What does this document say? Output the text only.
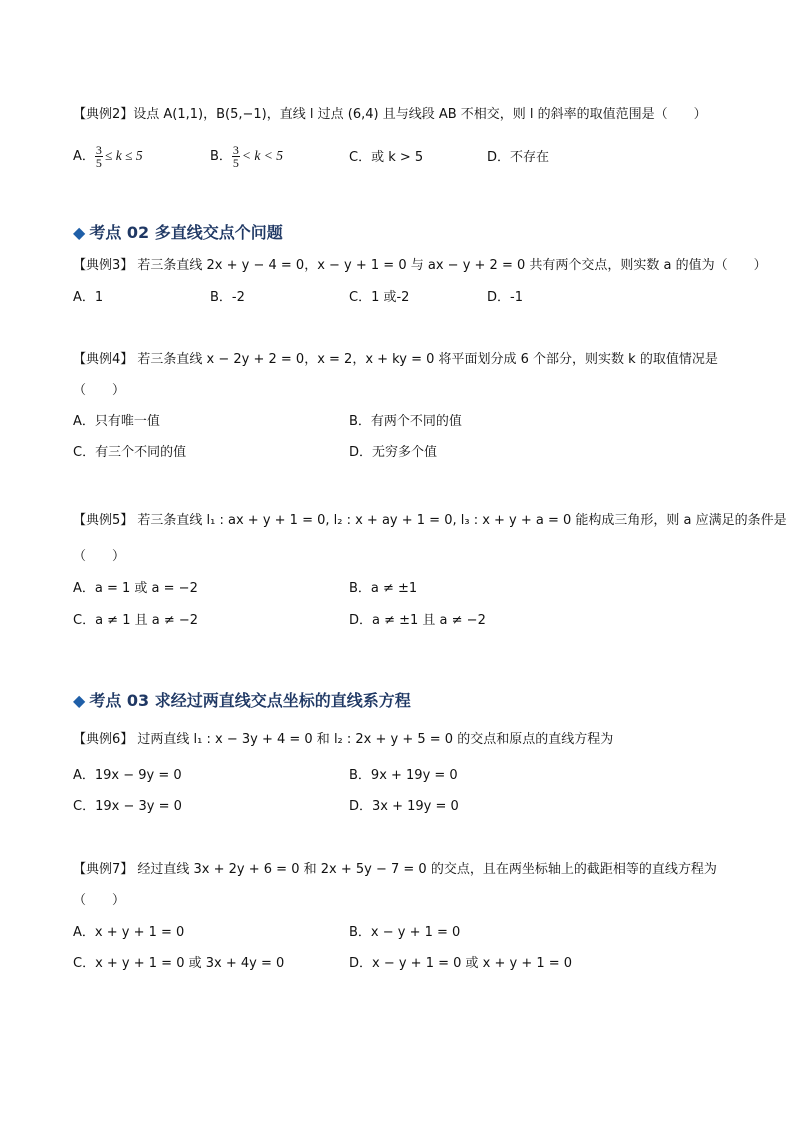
【典例2】设点 A(1,1)，B(5,−1)，直线 l 过点 (6,4) 且与线段 AB 不相交，则 l 的斜率的取值范围是（　　）
A． $\frac{3}{5} \le k \le 5$	B． $\frac{3}{5} < k < 5$	C．或 k > 5	D．不存在
◆ 考点 02 多直线交点个问题
【典例3】 若三条直线 2x + y − 4 = 0，x − y + 1 = 0 与 ax − y + 2 = 0 共有两个交点，则实数 a 的值为（　　）
A．1	B．-2	C．1 或-2	D．-1
【典例4】 若三条直线 x − 2y + 2 = 0，x = 2，x + ky = 0 将平面划分成 6 个部分，则实数 k 的取值情况是
（　　）
A．只有唯一值	B．有两个不同的值
C．有三个不同的值	D．无穷多个值
【典例5】 若三条直线 l₁ : ax + y + 1 = 0, l₂ : x + ay + 1 = 0, l₃ : x + y + a = 0 能构成三角形，则 a 应满足的条件是
（　　）
A．a = 1 或 a = −2	B．a ≠ ±1
C．a ≠ 1 且 a ≠ −2	D．a ≠ ±1 且 a ≠ −2
◆ 考点 03 求经过两直线交点坐标的直线系方程
【典例6】 过两直线 l₁ : x − 3y + 4 = 0 和 l₂ : 2x + y + 5 = 0 的交点和原点的直线方程为
A．19x − 9y = 0	B．9x + 19y = 0
C．19x − 3y = 0	D．3x + 19y = 0
【典例7】 经过直线 3x + 2y + 6 = 0 和 2x + 5y − 7 = 0 的交点，且在两坐标轴上的截距相等的直线方程为
（　　）
A．x + y + 1 = 0	B．x − y + 1 = 0
C．x + y + 1 = 0 或 3x + 4y = 0	D．x − y + 1 = 0 或 x + y + 1 = 0
